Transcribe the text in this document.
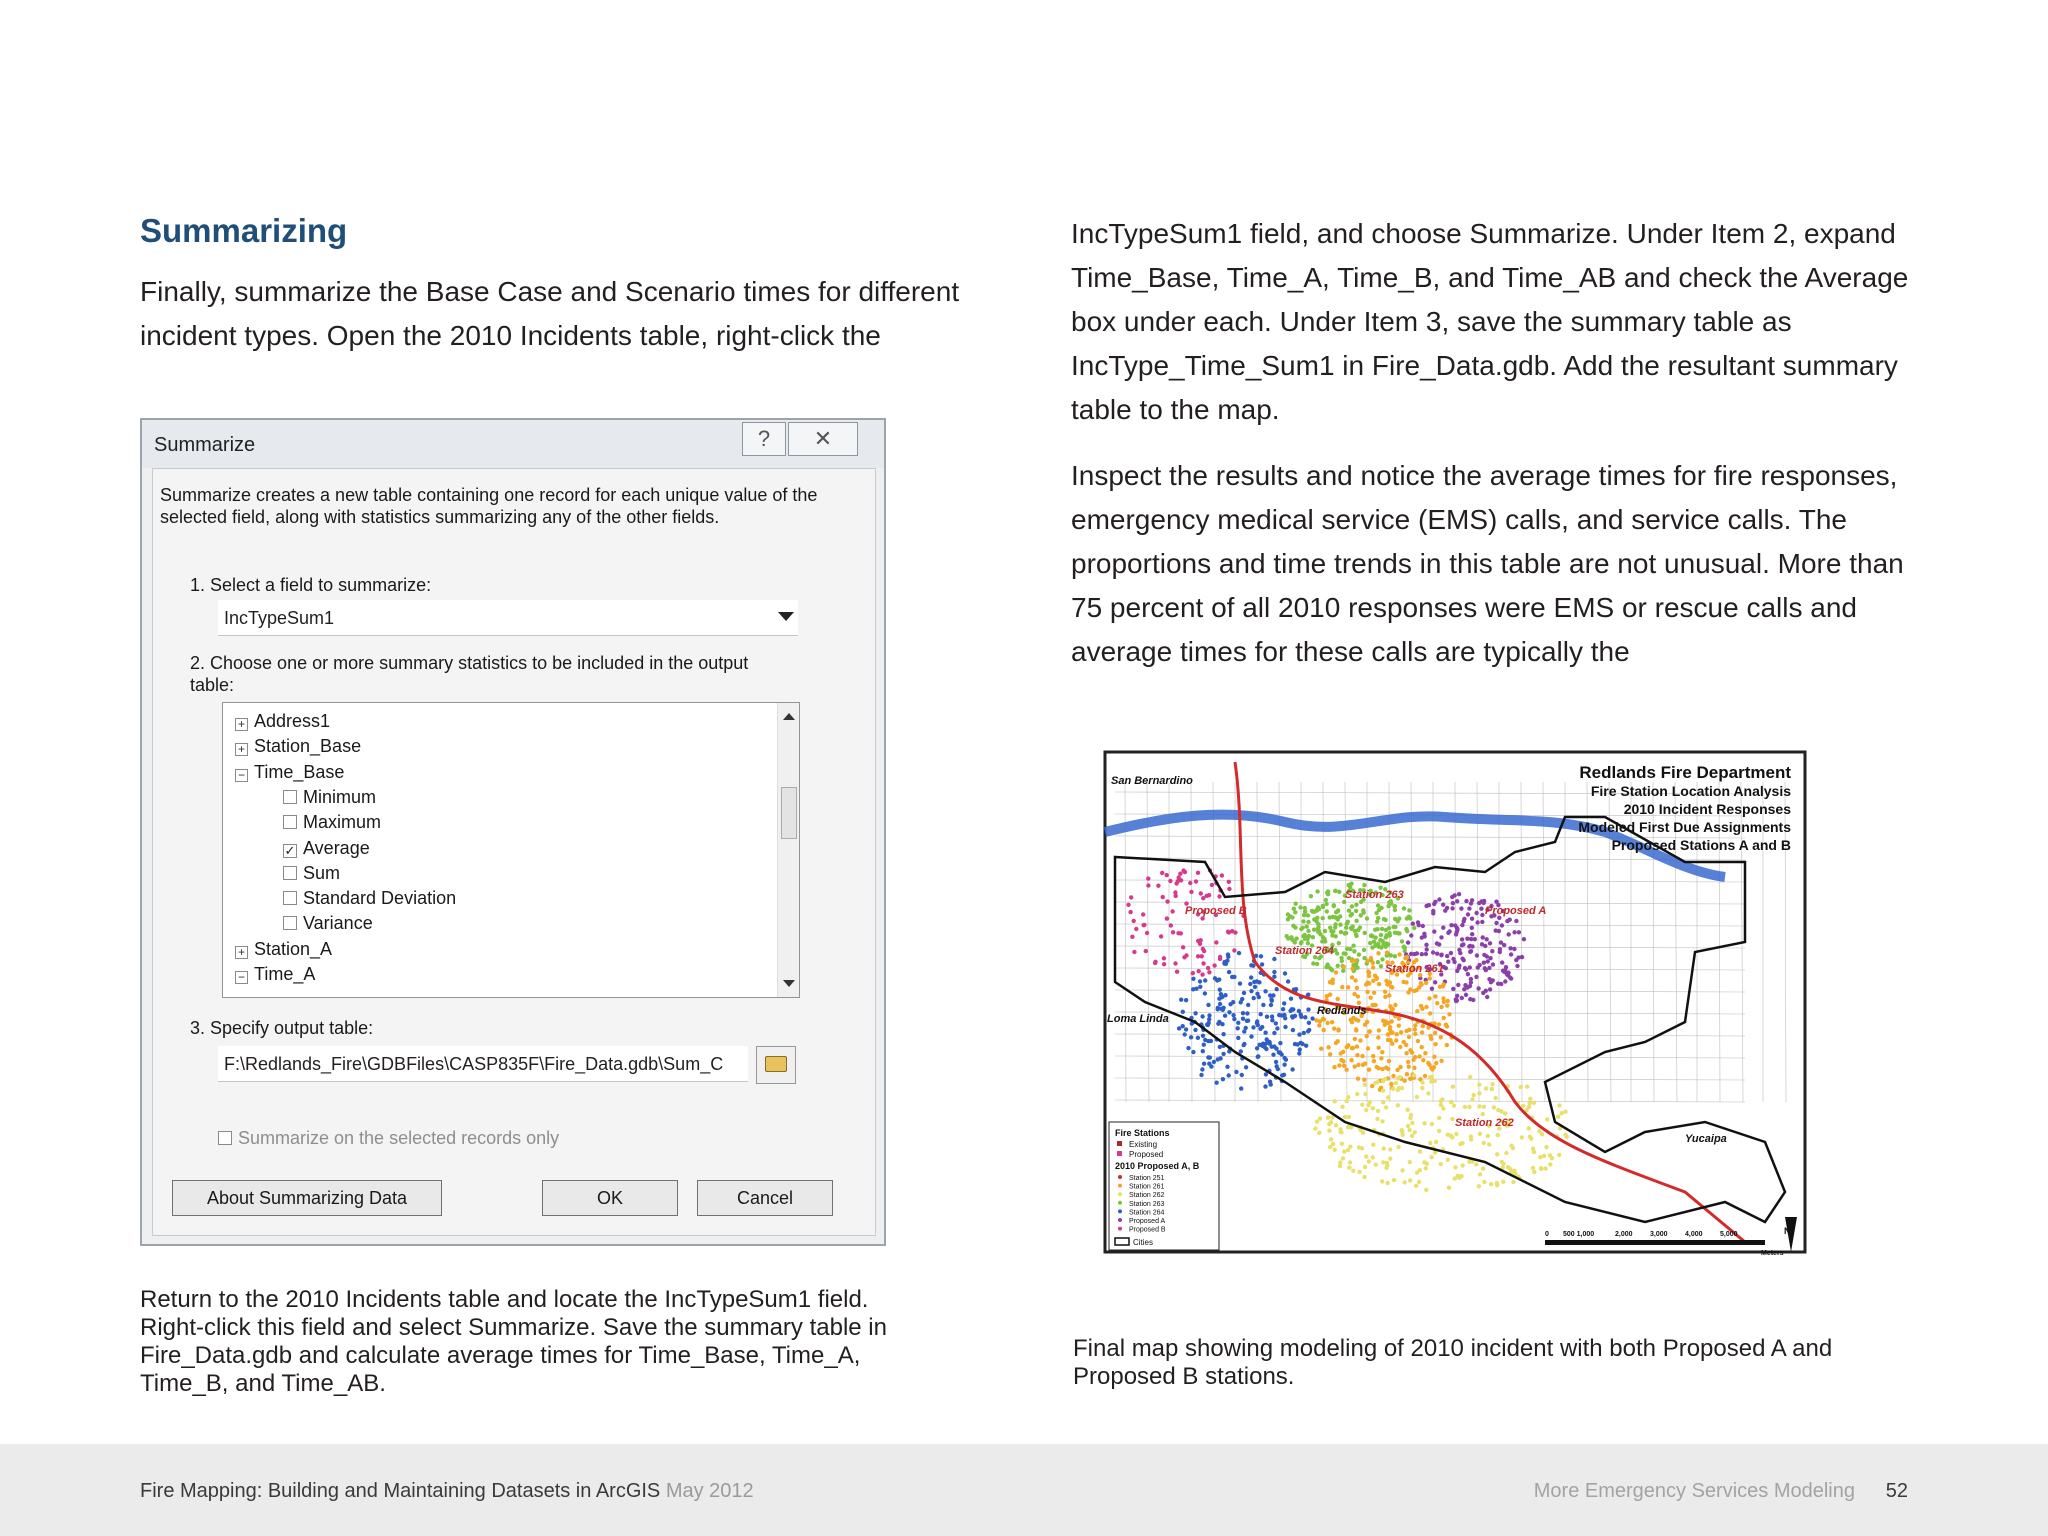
Summarizing

Finally, summarize the Base Case and Scenario times for different incident types. Open the 2010 Incidents table, right-click the

IncTypeSum1 field, and choose Summarize. Under Item 2, expand Time_Base, Time_A, Time_B, and Time_AB and check the Average box under each. Under Item 3, save the summary table as IncType_Time_Sum1 in Fire_Data.gdb. Add the resultant summary table to the map.

Inspect the results and notice the average times for fire responses, emergency medical service (EMS) calls, and service calls. The proportions and time trends in this table are not unusual. More than 75 percent of all 2010 responses were EMS or rescue calls and average times for these calls are typically the

Summarize	?	✕
Summarize creates a new table containing one record for each unique value of the selected field, along with statistics summarizing any of the other fields.
1. Select a field to summarize:
IncTypeSum1
2. Choose one or more summary statistics to be included in the output table:
+ Address1
+ Station_Base
− Time_Base
Minimum
Maximum
✓ Average
Sum
Standard Deviation
Variance
+ Station_A
− Time_A
3. Specify output table:
F:\Redlands_Fire\GDBFiles\CASP835F\Fire_Data.gdb\Sum_C
Summarize on the selected records only
About Summarizing Data	OK	Cancel

Return to the 2010 Incidents table and locate the IncTypeSum1 field. Right-click this field and select Summarize. Save the summary table in Fire_Data.gdb and calculate average times for Time_Base, Time_A, Time_B, and Time_AB.

Redlands Fire Department
Fire Station Location Analysis
2010 Incident Responses
Modeled First Due Assignments
Proposed Stations A and B
San Bernardino
Loma Linda
Redlands
Yucaipa
Proposed A
Proposed B
Station 263
Station 264
Station 261
Station 262
Fire Stations
Existing
Proposed
2010 Proposed A, B
Station 251
Station 261
Station 262
Station 263
Station 264
Proposed A
Proposed B
Cities
0 500 1,000	2,000 3,000 4,000 5,000
Meters
N

Final map showing modeling of 2010 incident with both Proposed A and Proposed B stations.

Fire Mapping: Building and Maintaining Datasets in ArcGIS May 2012	More Emergency Services Modeling 52
